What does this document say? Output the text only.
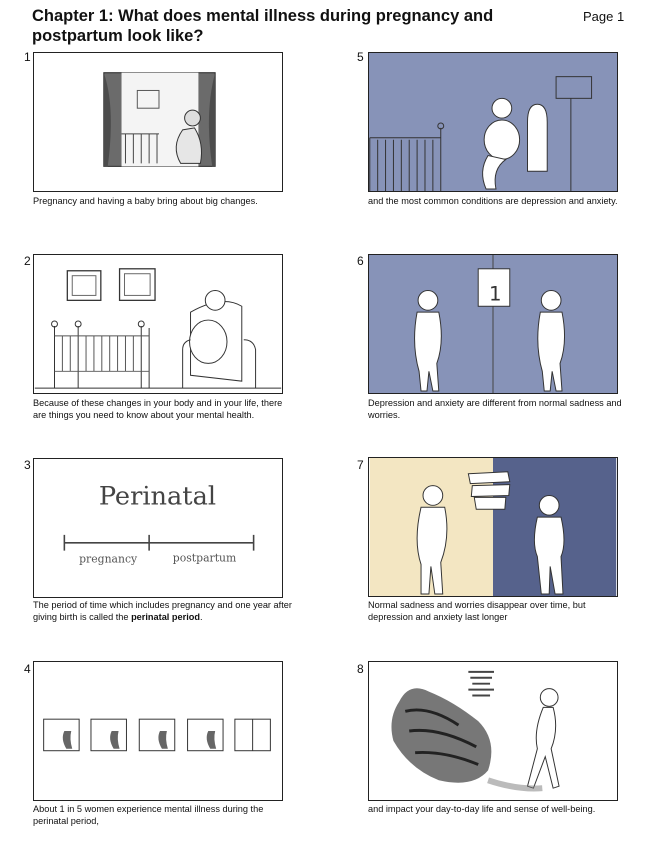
Chapter 1: What does mental illness during pregnancy and postpartum look like?
Page 1
1
Pregnancy and having a baby bring about big changes.
2
Because of these changes in your body and in your life, there are things you need to know about your mental health.
3
Perinatal
pregnancy	postpartum
The period of time which includes pregnancy and one year after giving birth is called the perinatal period.
4
About 1 in 5 women experience mental illness during the perinatal period,
5
and the most common conditions are depression and anxiety.
6
1
Depression and anxiety are different from normal sadness and worries.
7
Normal sadness and worries disappear over time, but depression and anxiety last longer
8
and impact your day-to-day life and sense of well-being.
